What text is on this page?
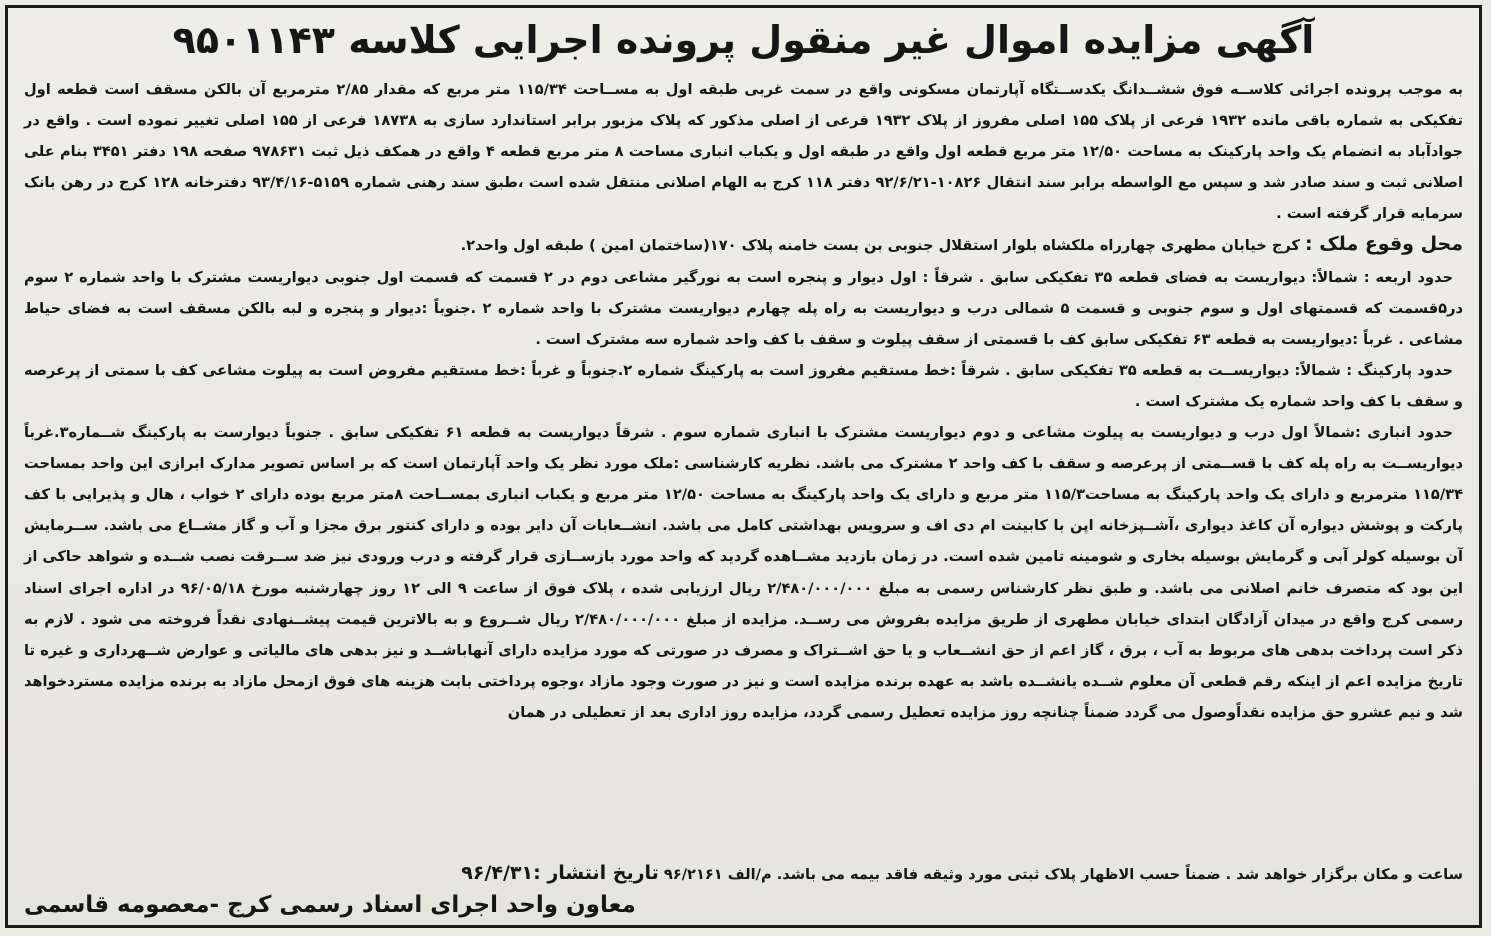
آگهی مزایده اموال غیر منقول پرونده اجرایی کلاسه ۹۵۰۱۱۴۳

به موجب پرونده اجرائی کلاســه فوق ششــدانگ یکدســتگاه آپارتمان مسکونی واقع در سمت غربی طبقه اول به مســاحت ۱۱۵/۳۴ متر مربع که مقدار ۲/۸۵ مترمربع آن بالکن مسقف است قطعه اول تفکیکی به شماره باقی مانده ۱۹۳۲ فرعی از پلاک ۱۵۵ اصلی مفروز از پلاک ۱۹۳۲ فرعی از اصلی مذکور که پلاک مزبور برابر استاندارد سازی به ۱۸۷۳۸ فرعی از ۱۵۵ اصلی تغییر نموده است . واقع در جوادآباد به انضمام یک واحد پارکینک به مساحت ۱۲/۵۰ متر مربع قطعه اول واقع در طبقه اول و یکباب انباری مساحت ۸ متر مربع قطعه ۴ واقع در همکف ذیل ثبت ۹۷۸۶۳۱ صفحه ۱۹۸ دفتر ۳۴۵۱ بنام علی اصلانی ثبت و سند صادر شد و سپس مع الواسطه برابر سند انتقال ۱۰۸۲۶-۹۲/۶/۲۱ دفتر ۱۱۸ کرج به الهام اصلانی منتقل شده است ،طبق سند رهنی شماره ۵۱۵۹-۹۳/۴/۱۶ دفترخانه ۱۲۸ کرج در رهن بانک سرمایه قرار گرفته است .

محل وقوع ملک : کرج خیابان مطهری چهارراه ملکشاه بلوار استقلال جنوبی بن بست خامنه پلاک ۱۷۰(ساختمان امین ) طبقه اول واحد۲.

حدود اربعه : شمالاً: دیواریست به فضای قطعه ۳۵ تفکیکی سابق . شرقاً : اول دیوار و پنجره است به نورگیر مشاعی دوم در ۲ قسمت که قسمت اول جنوبی دیواریست مشترک با واحد شماره ۲ سوم در۵قسمت که قسمتهای اول و سوم جنوبی و قسمت ۵ شمالی درب و دیواریست به راه پله چهارم دیواریست مشترک با واحد شماره ۲ .جنوباً :دیوار و پنجره و لبه بالکن مسقف است به فضای حیاط مشاعی . غرباً :دیواریست به قطعه ۶۳ تفکیکی سابق کف با قسمتی از سقف پیلوت و سقف با کف واحد شماره سه مشترک است .

حدود پارکینگ : شمالاً: دیواریســت به قطعه ۳۵ تفکیکی سابق . شرقاً :خط مستقیم مفروز است به پارکینگ شماره ۲.جنوباً و غرباً :خط مستقیم مفروض است به پیلوت مشاعی کف با سمتی از پرعرصه و سقف با کف واحد شماره یک مشترک است .

حدود انباری :شمالاً اول درب و دیواریست به پیلوت مشاعی و دوم دیواریست مشترک با انباری شماره سوم . شرقاً دیواریست به قطعه ۶۱ تفکیکی سابق . جنوباً دیوارست به پارکینگ شــماره۳.غرباً دیواریســت به راه پله کف با قســمتی از پرعرصه و سقف با کف واحد ۲ مشترک می باشد. نظریه کارشناسی :ملک مورد نظر یک واحد آپارتمان است که بر اساس تصویر مدارک ابرازی این واحد بمساحت ۱۱۵/۳۴ مترمربع و دارای یک واحد پارکینگ به مساحت۱۱۵/۳ متر مربع و دارای یک واحد پارکینگ به مساحت ۱۲/۵۰ متر مربع و یکباب انباری بمســاحت ۸متر مربع بوده دارای ۲ خواب ، هال و پذیرایی با کف پارکت و پوشش دیواره آن کاغذ دیواری ،آشــپزخانه اپن با کابینت ام دی اف و سرویس بهداشتی کامل می باشد. انشــعابات آن دایر بوده و دارای کنتور برق مجزا و آب و گاز مشــاع می باشد. ســرمایش آن بوسیله کولر آبی و گرمایش بوسیله بخاری و شومینه تامین شده است. در زمان بازدید مشــاهده گردید که واحد مورد بازســازی قرار گرفته و درب ورودی نیز ضد ســرقت نصب شــده و شواهد حاکی از این بود که متصرف خانم اصلانی می باشد. و طبق نظر کارشناس رسمی به مبلغ ۲/۴۸۰/۰۰۰/۰۰۰ ریال ارزیابی شده ، پلاک فوق از ساعت ۹ الی ۱۲ روز چهارشنبه مورخ ۹۶/۰۵/۱۸ در اداره اجرای اسناد رسمی کرج واقع در میدان آزادگان ابتدای خیابان مطهری از طریق مزایده بفروش می رســد. مزایده از مبلغ ۲/۴۸۰/۰۰۰/۰۰۰ ریال شــروع و به بالاترین قیمت پیشــنهادی نقداً فروخته می شود . لازم به ذکر است پرداخت بدهی های مربوط به آب ، برق ، گاز اعم از حق انشــعاب و یا حق اشــتراک و مصرف در صورتی که مورد مزایده دارای آنهاباشــد و نیز بدهی های مالیاتی و عوارض شــهرداری و غیره تا تاریخ مزایده اعم از اینکه رقم قطعی آن معلوم شــده یانشــده باشد به عهده برنده مزایده است و نیز در صورت وجود مازاد ،وجوه پرداختی بابت هزینه های فوق ازمحل مازاد به برنده مزایده مستردخواهد شد و نیم عشرو حق مزایده نقداًوصول می گردد ضمناً چنانچه روز مزایده تعطیل رسمی گردد، مزایده روز اداری بعد از تعطیلی در همان

ساعت و مکان برگزار خواهد شد . ضمناً حسب الاظهار پلاک ثبتی مورد وثیقه فاقد بیمه می باشد. م/الف ۹۶/۲۱۶۱ تاریخ انتشار :۹۶/۴/۳۱
معاون واحد اجرای اسناد رسمی کرج -معصومه قاسمی
